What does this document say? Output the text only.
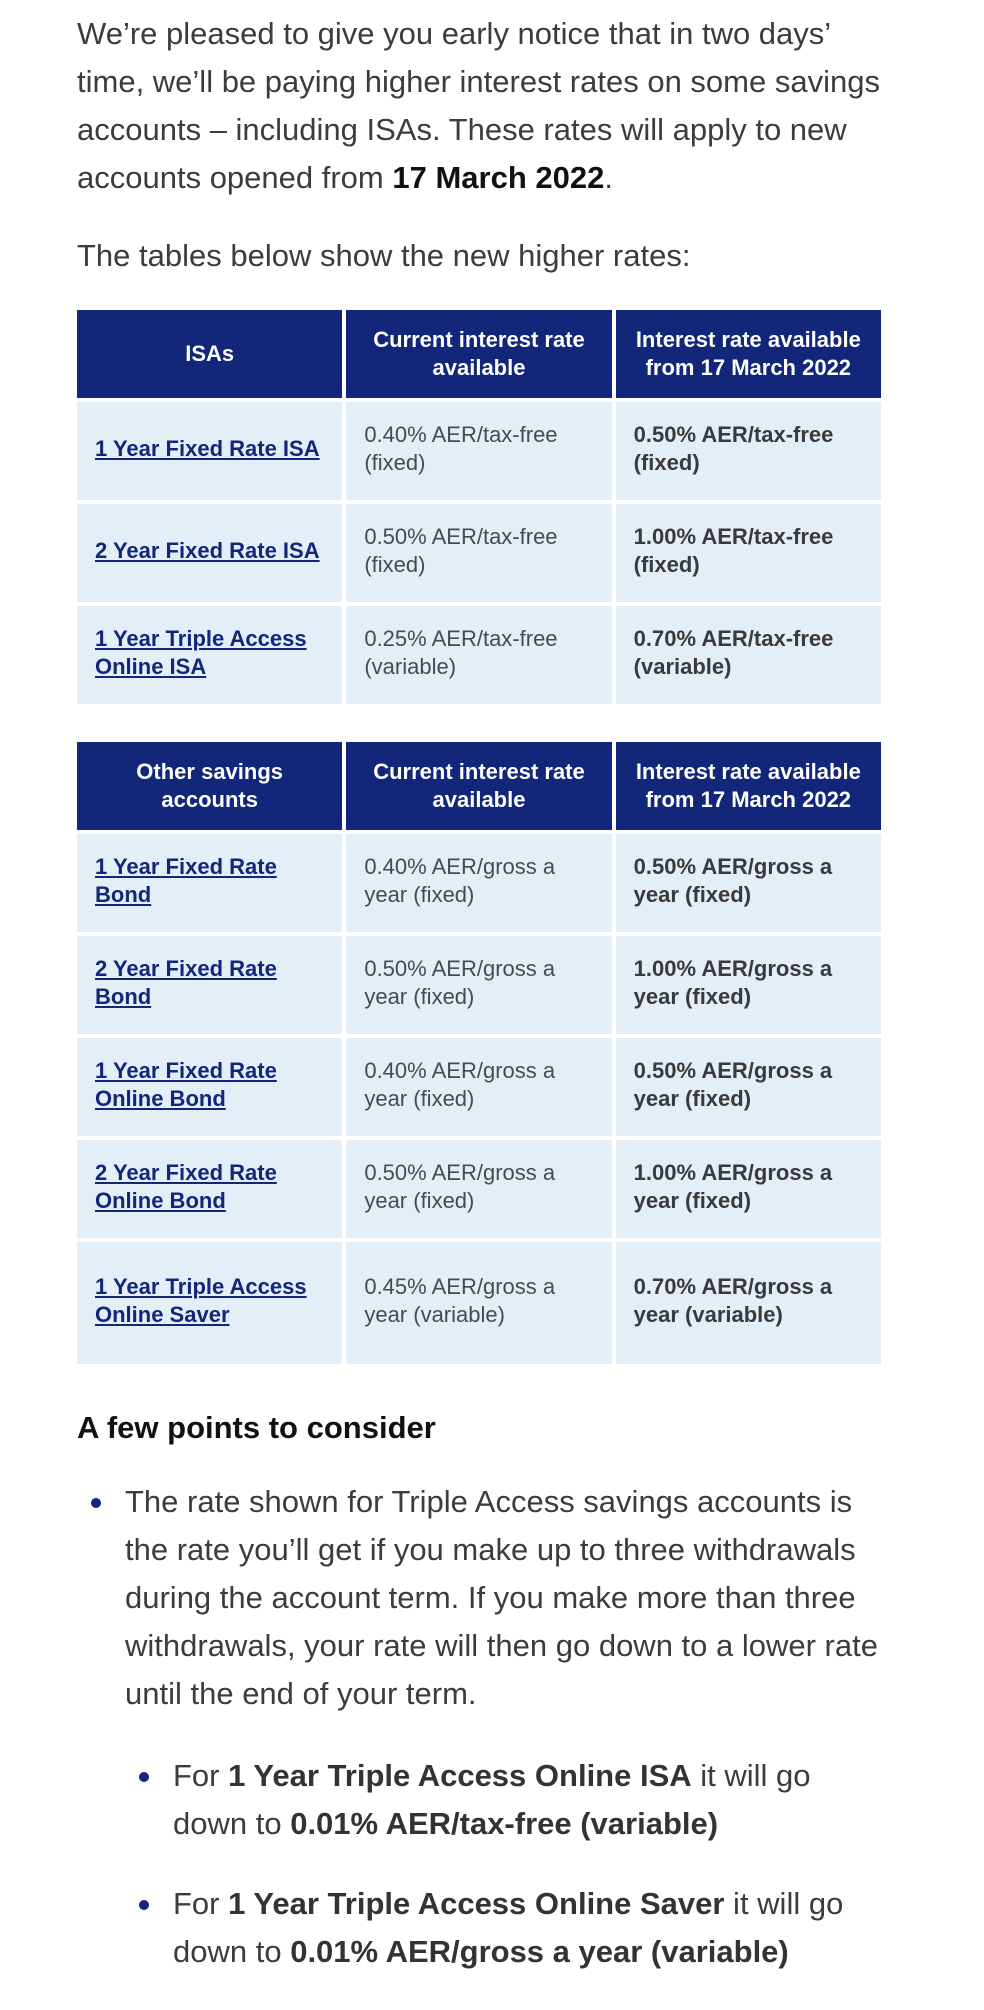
We’re pleased to give you early notice that in two days’ time, we’ll be paying higher interest rates on some savings accounts – including ISAs. These rates will apply to new accounts opened from 17 March 2022.

The tables below show the new higher rates:

ISAs	Current interest rate available	Interest rate available from 17 March 2022
1 Year Fixed Rate ISA	0.40% AER/tax-free (fixed)	0.50% AER/tax-free (fixed)
2 Year Fixed Rate ISA	0.50% AER/tax-free (fixed)	1.00% AER/tax-free (fixed)
1 Year Triple Access Online ISA	0.25% AER/tax-free (variable)	0.70% AER/tax-free (variable)
Other savings accounts	Current interest rate available	Interest rate available from 17 March 2022
1 Year Fixed Rate Bond	0.40% AER/gross a year (fixed)	0.50% AER/gross a year (fixed)
2 Year Fixed Rate Bond	0.50% AER/gross a year (fixed)	1.00% AER/gross a year (fixed)
1 Year Fixed Rate Online Bond	0.40% AER/gross a year (fixed)	0.50% AER/gross a year (fixed)
2 Year Fixed Rate Online Bond	0.50% AER/gross a year (fixed)	1.00% AER/gross a year (fixed)
1 Year Triple Access Online Saver	0.45% AER/gross a year (variable)	0.70% AER/gross a year (variable)
A few points to consider
The rate shown for Triple Access savings accounts is the rate you’ll get if you make up to three withdrawals during the account term. If you make more than three withdrawals, your rate will then go down to a lower rate until the end of your term.
For 1 Year Triple Access Online ISA it will go down to 0.01% AER/tax-free (variable)
For 1 Year Triple Access Online Saver it will go down to 0.01% AER/gross a year (variable)
